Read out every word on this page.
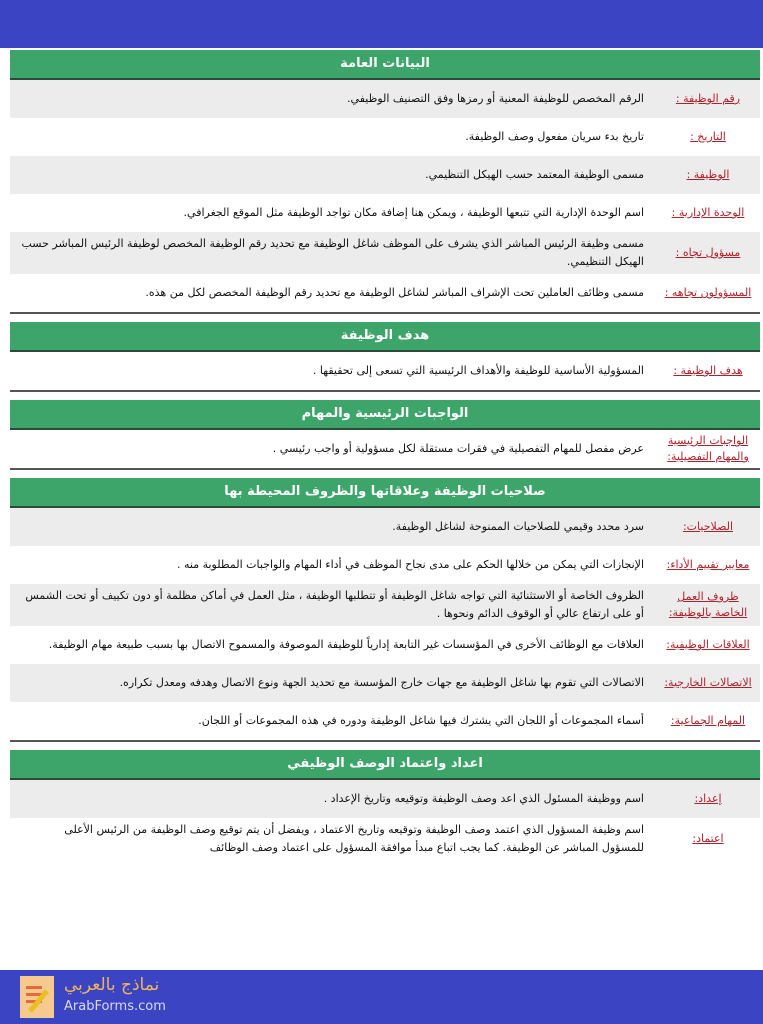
البيانات العامة
رقم الوظيفة :
الرقم المخصص للوظيفة المعنية أو رمزها وفق التصنيف الوظيفي.
التاريخ :
تاريخ بدء سريان مفعول وصف الوظيفة.
الوظيفة :
مسمى الوظيفة المعتمد حسب الهيكل التنظيمي.
الوحدة الإدارية :
اسم الوحدة الإدارية التي تتبعها الوظيفة ، ويمكن هنا إضافة مكان تواجد الوظيفة مثل الموقع الجغرافي.
مسؤول تجاه :
مسمى وظيفة الرئيس المباشر الذي يشرف على الموظف شاغل الوظيفة مع تحديد رقم الوظيفة المخصص لوظيفة الرئيس المباشر حسب الهيكل التنظيمي.
المسؤولون تجاهه :
مسمى وظائف العاملين تحت الإشراف المباشر لشاغل الوظيفة مع تحديد رقم الوظيفة المخصص لكل من هذه.
هدف الوظيفة
هدف الوظيفة :
المسؤولية الأساسية للوظيفة والأهداف الرئيسية التي تسعى إلى تحقيقها .
الواجبات الرئيسية والمهام
الواجبات الرئيسية والمهام التفصيلية:
عرض مفصل للمهام التفصيلية في فقرات مستقلة لكل مسؤولية أو واجب رئيسي .
صلاحيات الوظيفة وعلاقاتها والظروف المحيطة بها
الصلاحيات:
سرد محدد وقيمي للصلاحيات الممنوحة لشاغل الوظيفة.
معايير تقييم الأداء:
الإنجازات التي يمكن من خلالها الحكم على مدى نجاح الموظف في أداء المهام والواجبات المطلوبة منه .
ظروف العمل الخاصة بالوظيفة:
الظروف الخاصة أو الاستثنائية التي تواجه شاغل الوظيفة أو تتطلبها الوظيفة ، مثل العمل في أماكن مظلمة أو دون تكييف أو تحت الشمس أو على ارتفاع عالي أو الوقوف الدائم ونحوها .
العلاقات الوظيفية:
العلاقات مع الوظائف الأخرى في المؤسسات غير التابعة إدارياً للوظيفة الموصوفة والمسموح الاتصال بها بسبب طبيعة مهام الوظيفة.
الاتصالات الخارجية:
الاتصالات التي تقوم بها شاغل الوظيفة مع جهات خارج المؤسسة مع تحديد الجهة ونوع الاتصال وهدفه ومعدل تكراره.
المهام الجماعية:
أسماء المجموعات أو اللجان التي يشترك فيها شاغل الوظيفة ودوره في هذه المجموعات أو اللجان.
اعداد واعتماد الوصف الوظيفي
إعداد:
اسم ووظيفة المسئول الذي اعد وصف الوظيفة وتوقيعه وتاريخ الإعداد .
اعتماد:
اسم وظيفة المسؤول الذي اعتمد وصف الوظيفة وتوقيعه وتاريخ الاعتماد ، ويفضل أن يتم توقيع وصف الوظيفة من الرئيس الأعلى للمسؤول المباشر عن الوظيفة. كما يجب اتباع مبدأ موافقة المسؤول على اعتماد وصف الوظائف
نماذج بالعربي
ArabForms.com
